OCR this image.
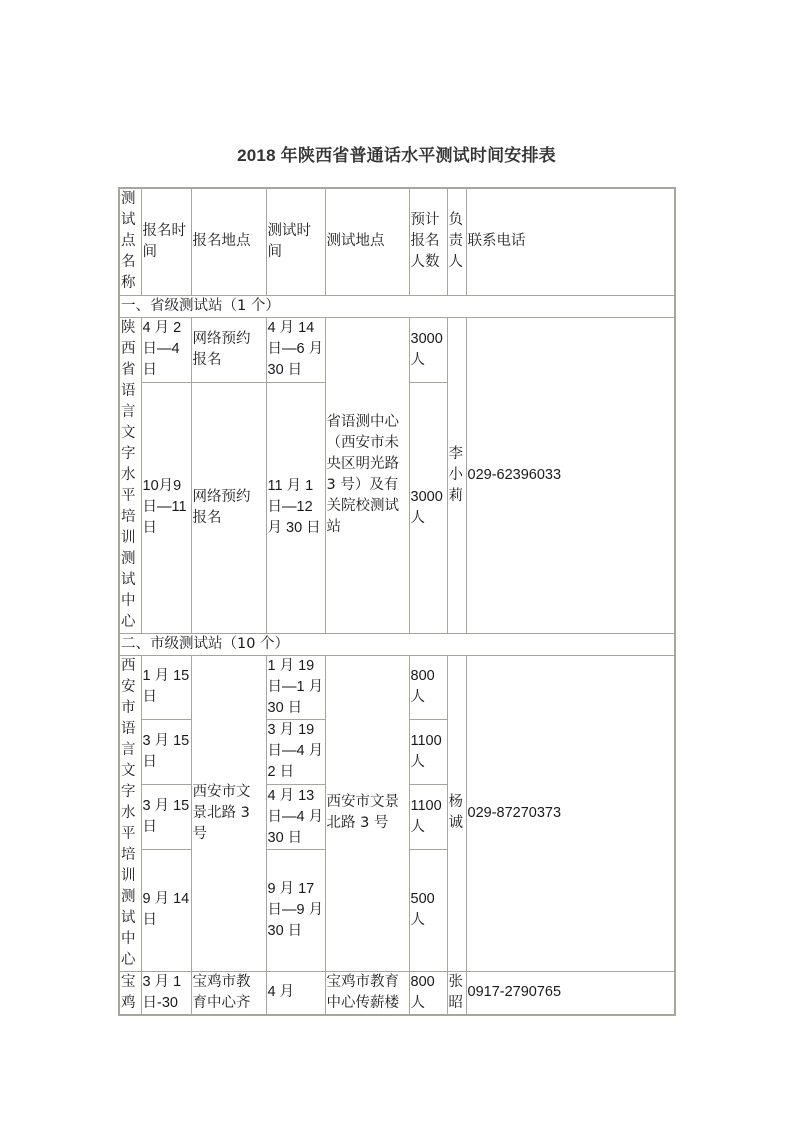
2018 年陕西省普通话水平测试时间安排表
测试点名称	报名时间	报名地点	测试时间	测试地点	预计报名人数	负责人	联系电话
一、省级测试站（1 个）							
陕西省语言文字水平培训测试中心	4 月 2 日—4 日	网络预约报名	4 月 14 日—6 月 30 日	省语测中心（西安市未央区明光路 3 号）及有关院校测试站	3000 人	李小莉	029-62396033
	10月9 日—11 日	网络预约报名	11 月 1 日—12 月 30 日		3000 人		
二、市级测试站（10 个）							
西安市语言文字水平培训测试中心	1 月 15 日	西安市文景北路 3 号	1 月 19 日—1 月 30 日	西安市文景北路 3 号	800 人	杨诚	029-87270373
	3 月 15 日		3 月 19 日—4 月 2 日		1100 人		
	3 月 15 日		4 月 13 日—4 月 30 日		1100 人		
	9 月 14 日		9 月 17 日—9 月 30 日		500 人		
宝鸡	3 月 1 日-30	宝鸡市教育中心齐	4 月	宝鸡市教育中心传薪楼	800 人	张昭	0917-2790765
